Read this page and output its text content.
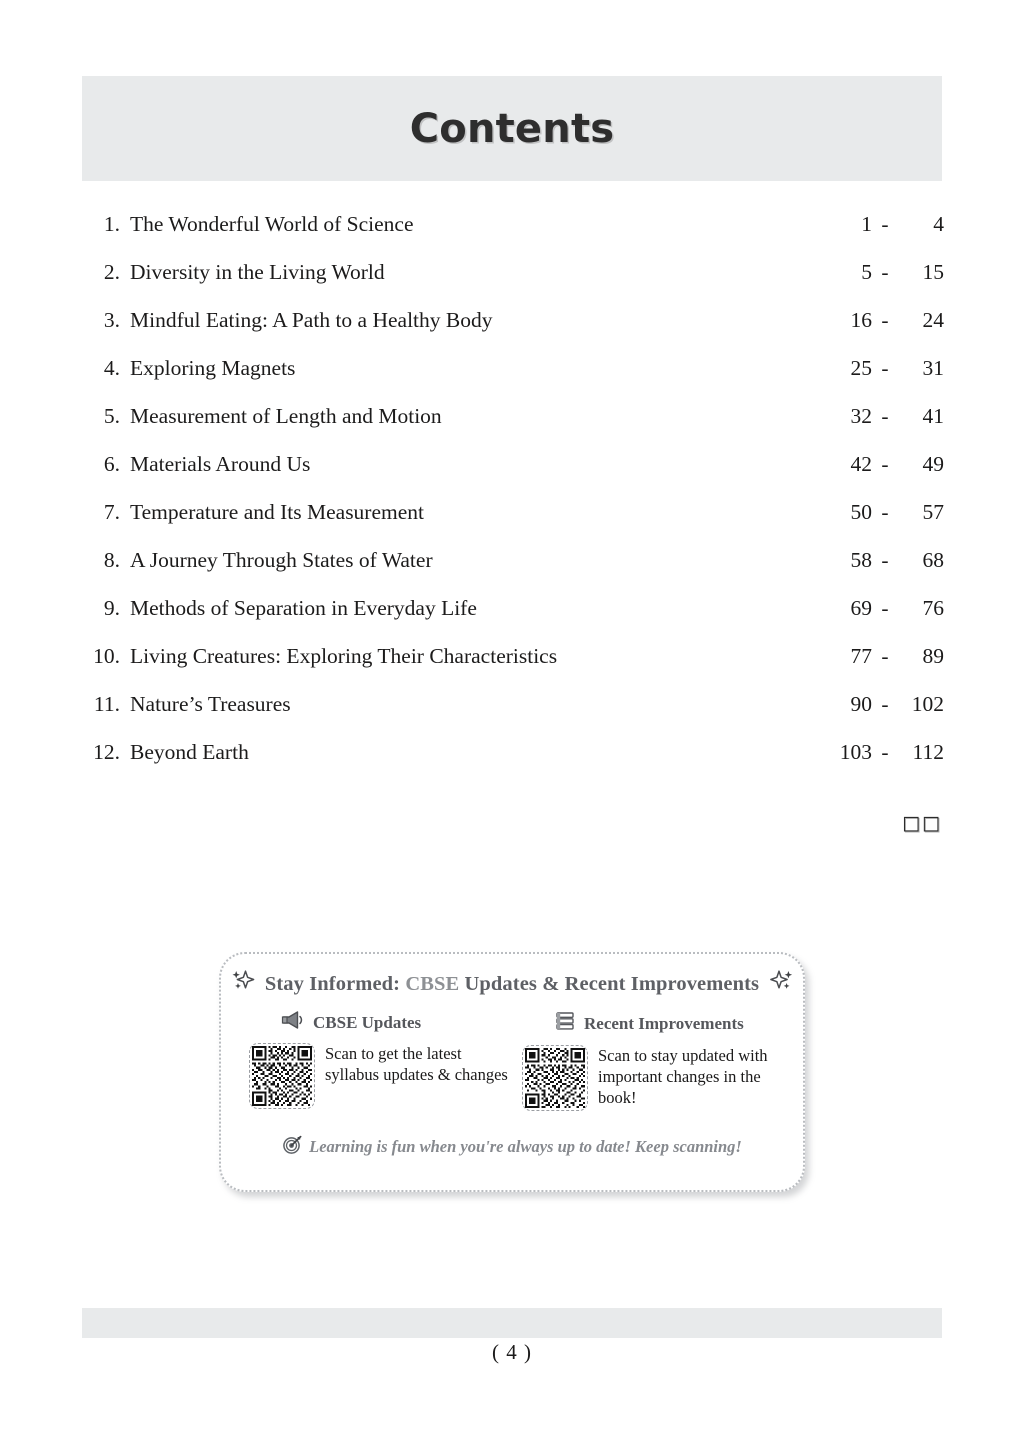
Contents
1. The Wonderful World of Science	1 -	4
2. Diversity in the Living World	5 -	15
3. Mindful Eating: A Path to a Healthy Body	16 -	24
4. Exploring Magnets	25 -	31
5. Measurement of Length and Motion	32 -	41
6. Materials Around Us	42 -	49
7. Temperature and Its Measurement	50 -	57
8. A Journey Through States of Water	58 -	68
9. Methods of Separation in Everyday Life	69 -	76
10. Living Creatures: Exploring Their Characteristics	77 -	89
11. Nature’s Treasures	90 -	102
12. Beyond Earth	103 -	112
□□
Stay Informed: CBSE Updates & Recent Improvements
CBSE Updates
Scan to get the latest syllabus updates & changes
Recent Improvements
Scan to stay updated with important changes in the book!
Learning is fun when you're always up to date! Keep scanning!
( 4 )
